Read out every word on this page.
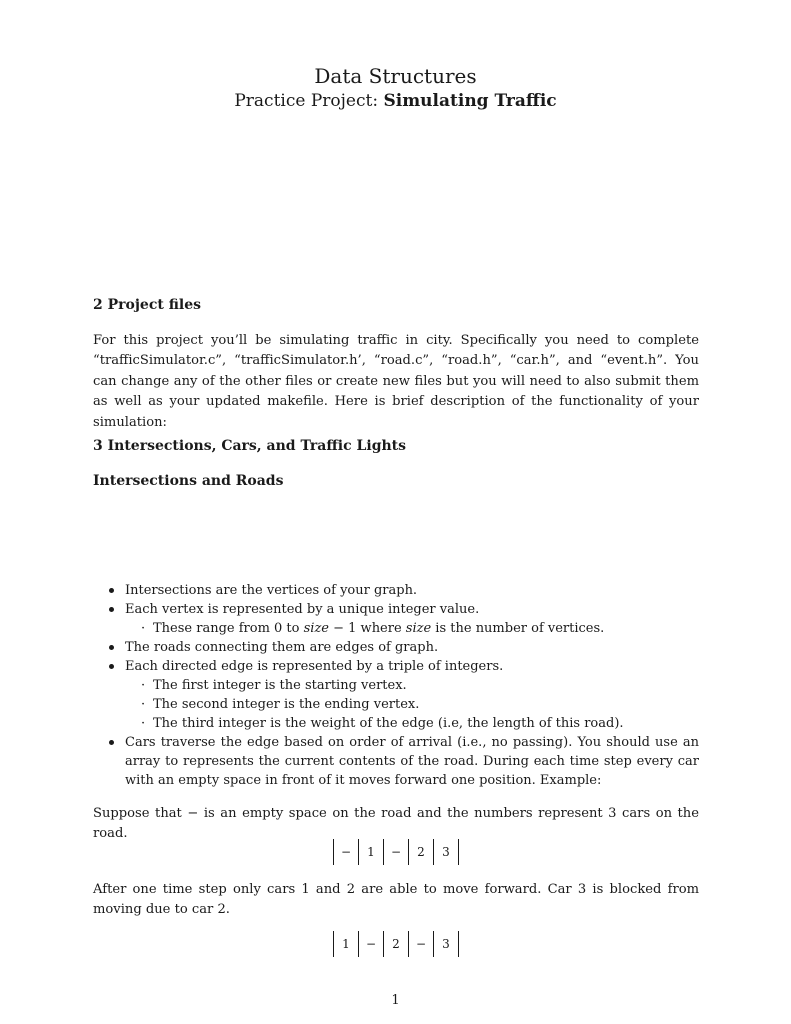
Data Structures
Practice Project: Simulating Traffic
2 Project files
For this project you’ll be simulating traffic in city. Specifically you need to complete “trafficSimulator.c”, “trafficSimulator.h’, “road.c”, “road.h”, “car.h”, and “event.h”. You can change any of the other files or create new files but you will need to also submit them as well as your updated makefile. Here is brief description of the functionality of your simulation:
3 Intersections, Cars, and Traffic Lights
Intersections and Roads
Intersections are the vertices of your graph.
Each vertex is represented by a unique integer value.
· These range from 0 to size − 1 where size is the number of vertices.
The roads connecting them are edges of graph.
Each directed edge is represented by a triple of integers.
· The first integer is the starting vertex.
· The second integer is the ending vertex.
· The third integer is the weight of the edge (i.e, the length of this road).
Cars traverse the edge based on order of arrival (i.e., no passing). You should use an array to represents the current contents of the road. During each time step every car with an empty space in front of it moves forward one position. Example:
Suppose that − is an empty space on the road and the numbers represent 3 cars on the road.
−	1	−	2	3
After one time step only cars 1 and 2 are able to move forward. Car 3 is blocked from moving due to car 2.
1	−	2	−	3
1
